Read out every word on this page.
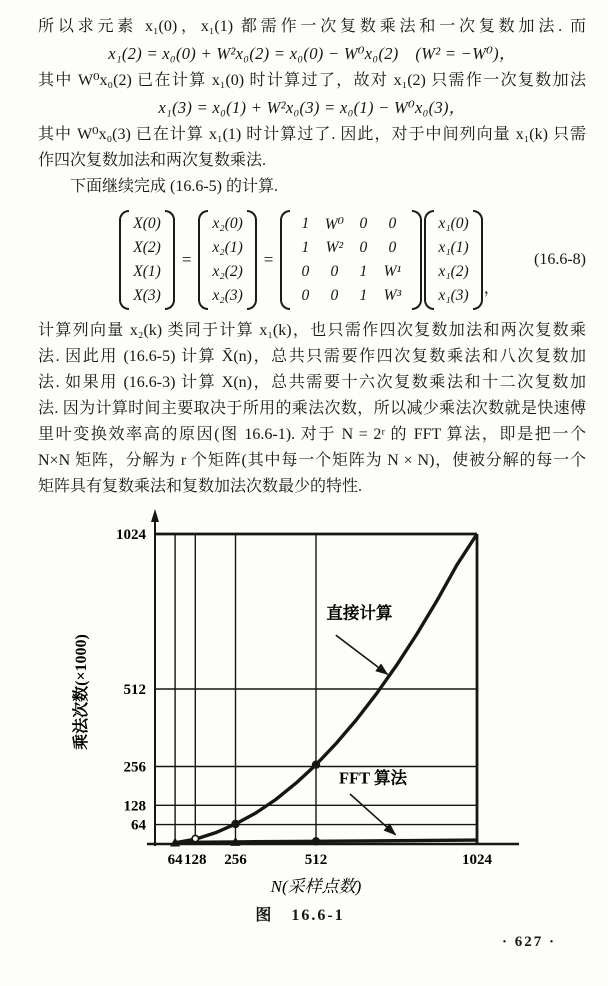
所以求元素 x₁(0)，x₁(1) 都需作一次复数乘法和一次复数加法. 而
x₁(2) = x₀(0) + W²x₀(2) = x₀(0) − W⁰x₀(2)　(W² = −W⁰)，
其中 W⁰x₀(2) 已在计算 x₁(0) 时计算过了，故对 x₁(2) 只需作一次复数加法
x₁(3) = x₀(1) + W²x₀(3) = x₀(1) − W⁰x₀(3)，
其中 W⁰x₀(3) 已在计算 x₁(1) 时计算过了. 因此，对于中间列向量 x₁(k) 只需
作四次复数加法和两次复数乘法.
下面继续完成 (16.6-5) 的计算.
X(0)
X(2)
X(1)
X(3)
=
x₂(0)
x₂(1)
x₂(2)
x₂(3)
=
1	W⁰	0	0
1	W²	0	0
0	0	1	W¹
0	0	1	W³
x₁(0)
x₁(1)
x₁(2)
x₁(3) ，
(16.6-8)
计算列向量 x₂(k) 类同于计算 x₁(k)，也只需作四次复数加法和两次复数乘
法. 因此用 (16.6-5) 计算 X̄(n)，总共只需要作四次复数乘法和八次复数加
法. 如果用 (16.6-3) 计算 X(n)，总共需要十六次复数乘法和十二次复数加
法. 因为计算时间主要取决于所用的乘法次数，所以减少乘法次数就是快速傅
里叶变换效率高的原因(图 16.6-1). 对于 N = 2ʳ 的 FFT 算法，即是把一个
N×N 矩阵，分解为 r 个矩阵(其中每一个矩阵为 N × N)，使被分解的每一个
矩阵具有复数乘法和复数加法次数最少的特性.
64
128
256
512
1024
64 128 256	512	1024
直接计算
FFT 算法
乘法次数(×1000)
N(采样点数)
图　16.6-1
· 627 ·
